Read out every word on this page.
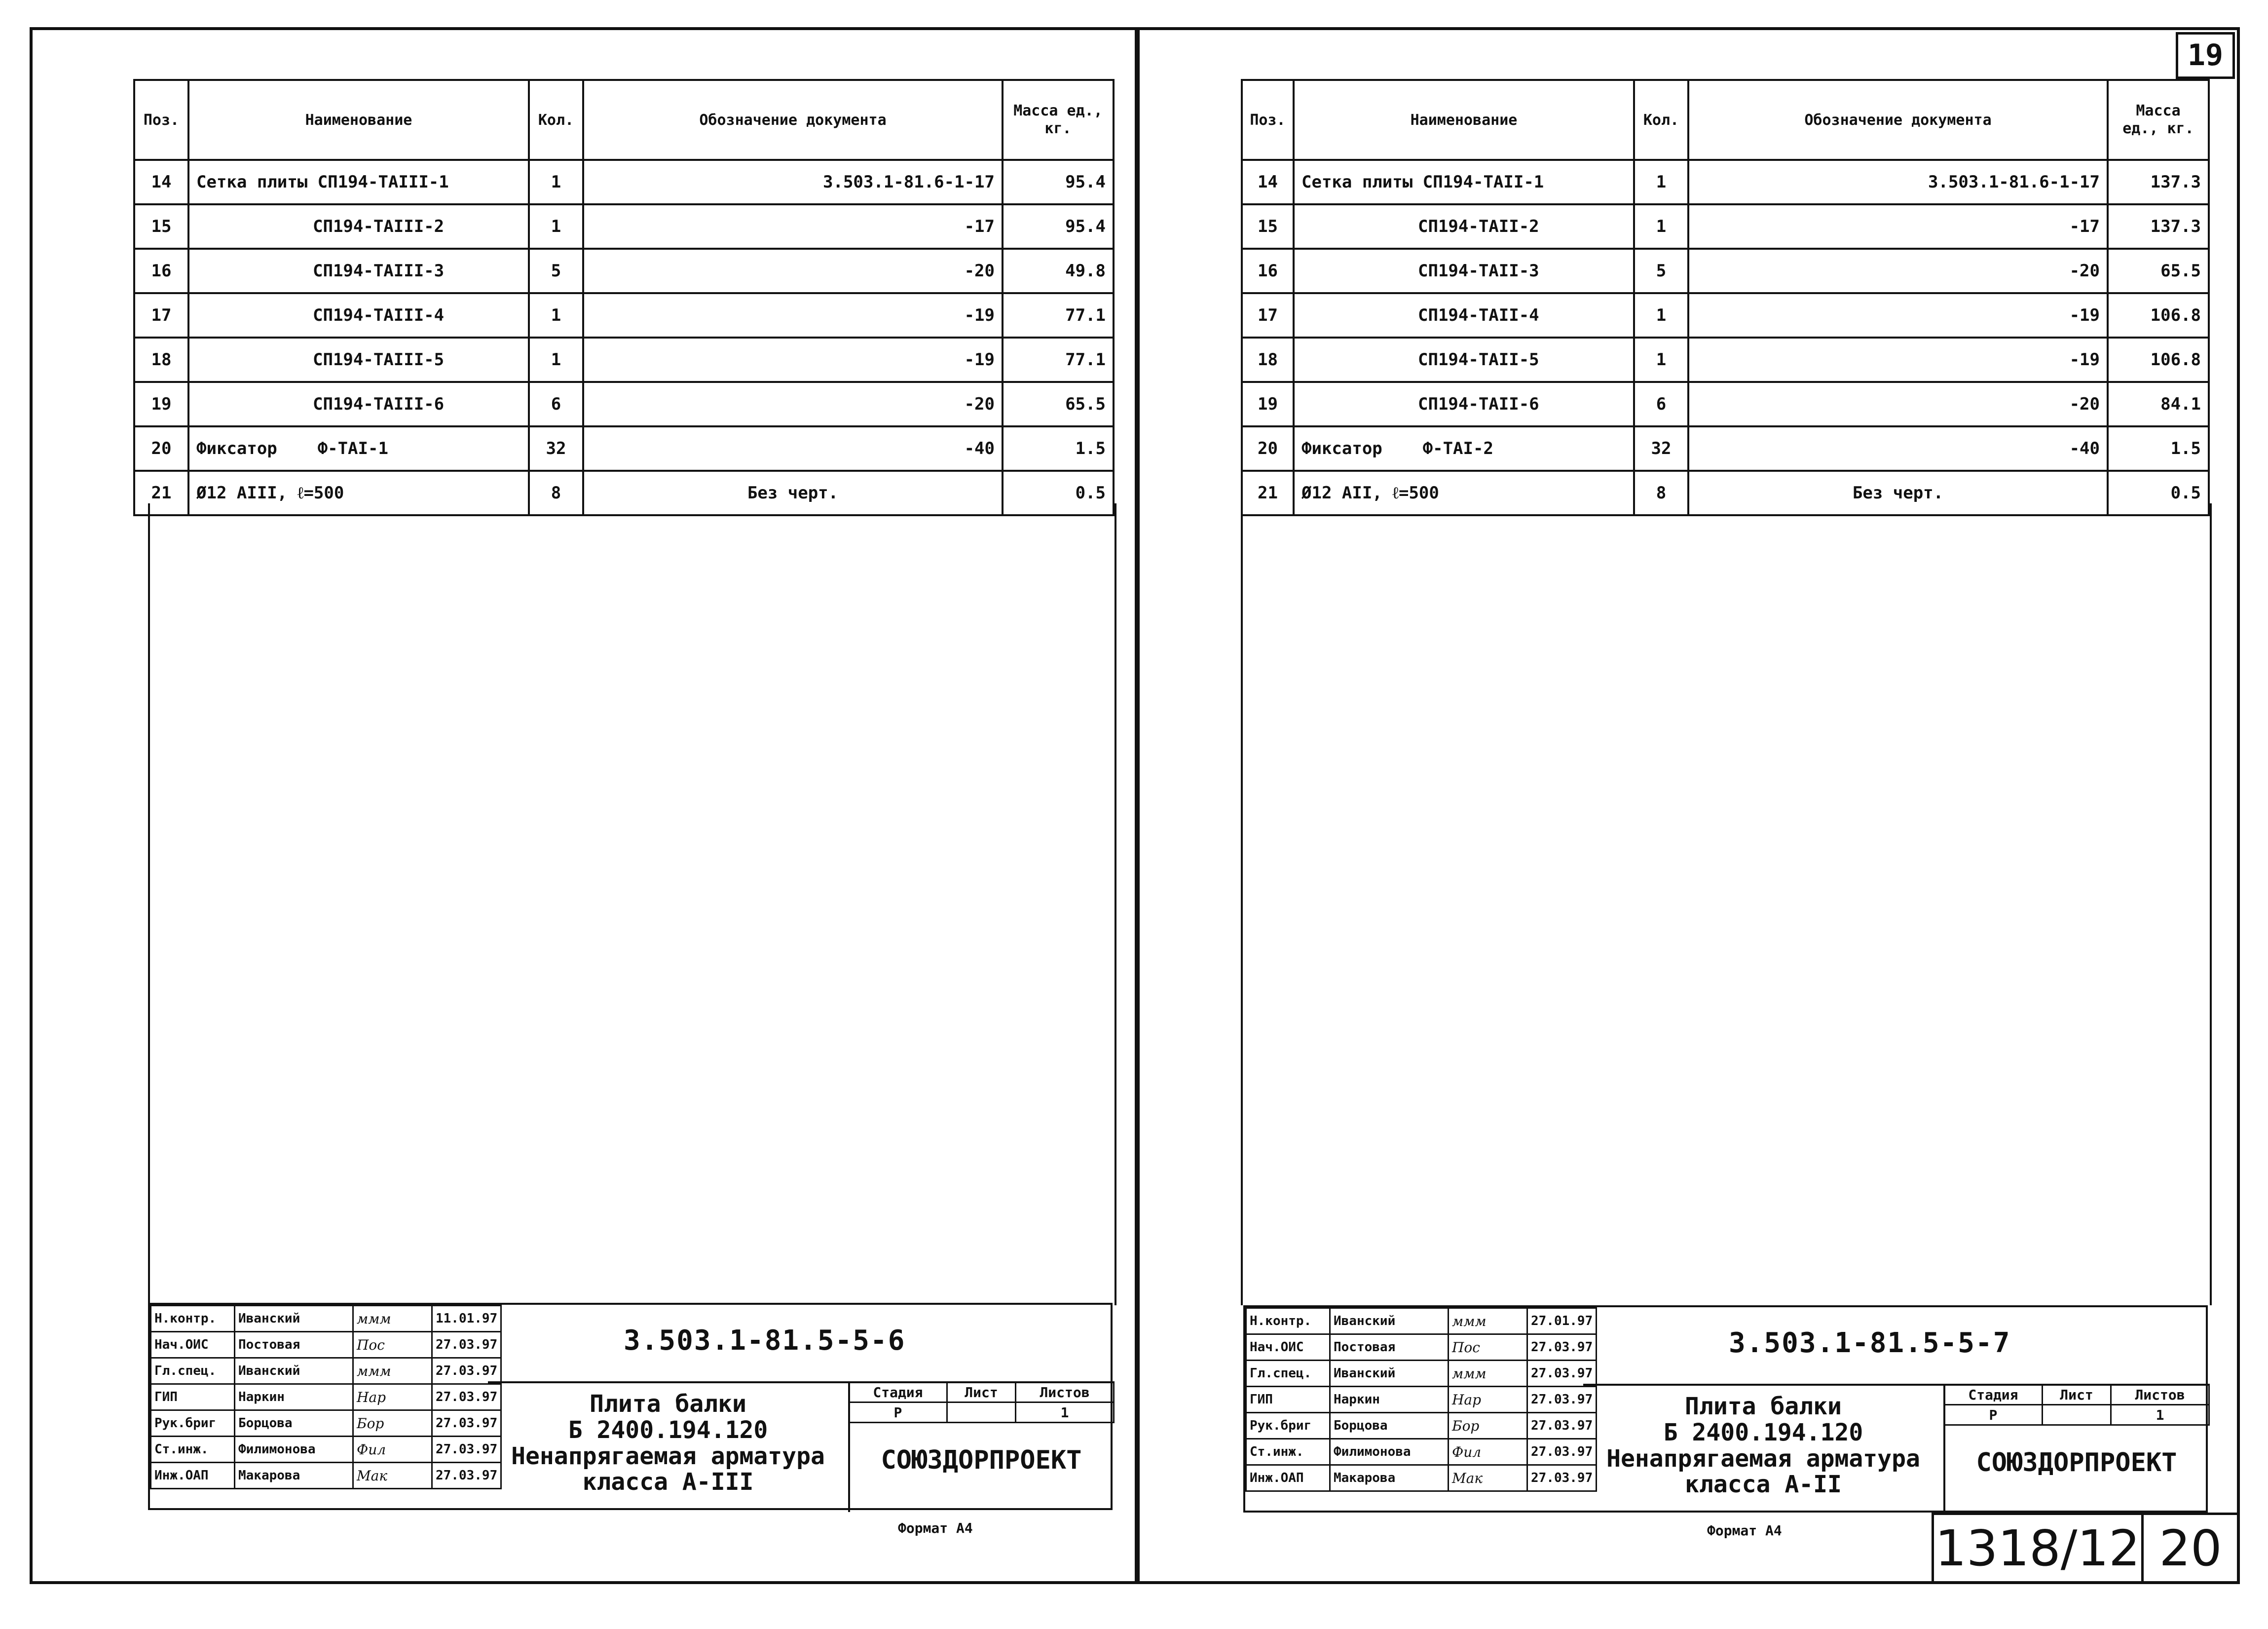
19
Поз.	Наименование	Кол.	Обозначение документа	Масса ед., кг.
14	Сетка плиты СП194-ТАIII-1	1	3.503.1-81.6-1-17	95.4
15	СП194-ТАIII-2	1	-17	95.4
16	СП194-ТАIII-3	5	-20	49.8
17	СП194-ТАIII-4	1	-19	77.1
18	СП194-ТАIII-5	1	-19	77.1
19	СП194-ТАIII-6	6	-20	65.5
20	Фиксатор    Ф-ТАI-1	32	-40	1.5
21	Ø12 АIII, ℓ=500	8	Без черт.	0.5
Н.контр.	Иванский	ммм	11.01.97
Нач.ОИС	Постовая	Пос	27.03.97
Гл.спец.	Иванский	ммм	27.03.97
ГИП	Наркин	Нар	27.03.97
Рук.бриг	Борцова	Бор	27.03.97
Ст.инж.	Филимонова	Фил	27.03.97
Инж.ОАП	Макарова	Мак	27.03.97
3.503.1-81.5-5-6
Плита балки
Б 2400.194.120
Ненапрягаемая арматура
класса А-III
Стадия	Лист	Листов
Р		1
СОЮЗДОРПРОЕКТ
Формат А4
Поз.	Наименование	Кол.	Обозначение документа	Масса ед., кг.
14	Сетка плиты СП194-ТАII-1	1	3.503.1-81.6-1-17	137.3
15	СП194-ТАII-2	1	-17	137.3
16	СП194-ТАII-3	5	-20	65.5
17	СП194-ТАII-4	1	-19	106.8
18	СП194-ТАII-5	1	-19	106.8
19	СП194-ТАII-6	6	-20	84.1
20	Фиксатор    Ф-ТАI-2	32	-40	1.5
21	Ø12 АII, ℓ=500	8	Без черт.	0.5
Н.контр.	Иванский	ммм	27.01.97
Нач.ОИС	Постовая	Пос	27.03.97
Гл.спец.	Иванский	ммм	27.03.97
ГИП	Наркин	Нар	27.03.97
Рук.бриг	Борцова	Бор	27.03.97
Ст.инж.	Филимонова	Фил	27.03.97
Инж.ОАП	Макарова	Мак	27.03.97
3.503.1-81.5-5-7
Плита балки
Б 2400.194.120
Ненапрягаемая арматура
класса А-II
Стадия	Лист	Листов
Р		1
СОЮЗДОРПРОЕКТ
Формат А4	1318/12 20
